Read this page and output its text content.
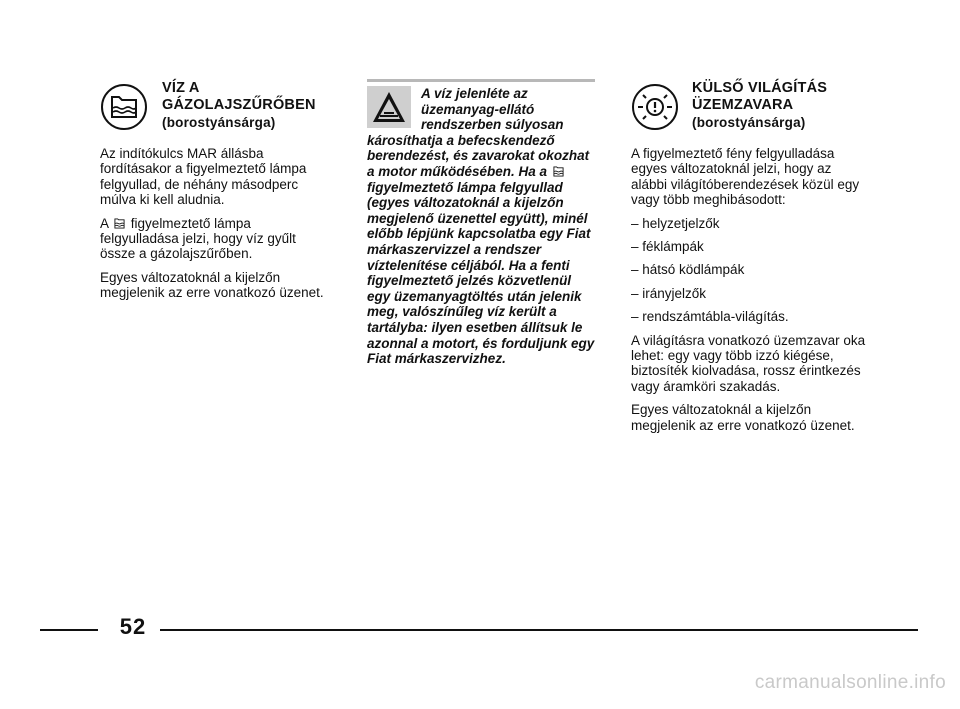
VÍZ A
GÁZOLAJSZŰRŐBEN
(borostyánsárga)

Az indítókulcs MAR állásba fordításakor a figyelmeztető lámpa felgyullad, de néhány másodperc múlva ki kell aludnia.

A figyelmeztető lámpa felgyulladása jelzi, hogy víz gyűlt össze a gázolajszűrőben.

Egyes változatoknál a kijelzőn megjelenik az erre vonatkozó üzenet.

A víz jelenléte az üzemanyag-ellátó rendszerben súlyosan károsíthatja a befecskendező berendezést, és zavarokat okozhat a motor működésében. Ha a  figyelmeztető lámpa felgyullad (egyes változatoknál a kijelzőn megjelenő üzenettel együtt), minél előbb lépjünk kapcsolatba egy Fiat márkaszervizzel a rendszer víztelenítése céljából. Ha a fenti figyelmeztető jelzés közvetlenül egy üzemanyagtöltés után jelenik meg, valószínűleg víz került a tartályba: ilyen esetben állítsuk le azonnal a motort, és forduljunk egy Fiat márkaszervizhez.
KÜLSŐ VILÁGÍTÁS
ÜZEMZAVARA
(borostyánsárga)

A figyelmeztető fény felgyulladása egyes változatoknál jelzi, hogy az alábbi világítóberendezések közül egy vagy több meghibásodott:

– helyzetjelzők
– féklámpák
– hátsó ködlámpák
– irányjelzők
– rendszámtábla-világítás.

A világításra vonatkozó üzemzavar oka lehet: egy vagy több izzó kiégése, biztosíték kiolvadása, rossz érintkezés vagy áramköri szakadás.

Egyes változatoknál a kijelzőn megjelenik az erre vonatkozó üzenet.

52
carmanualsonline.info
